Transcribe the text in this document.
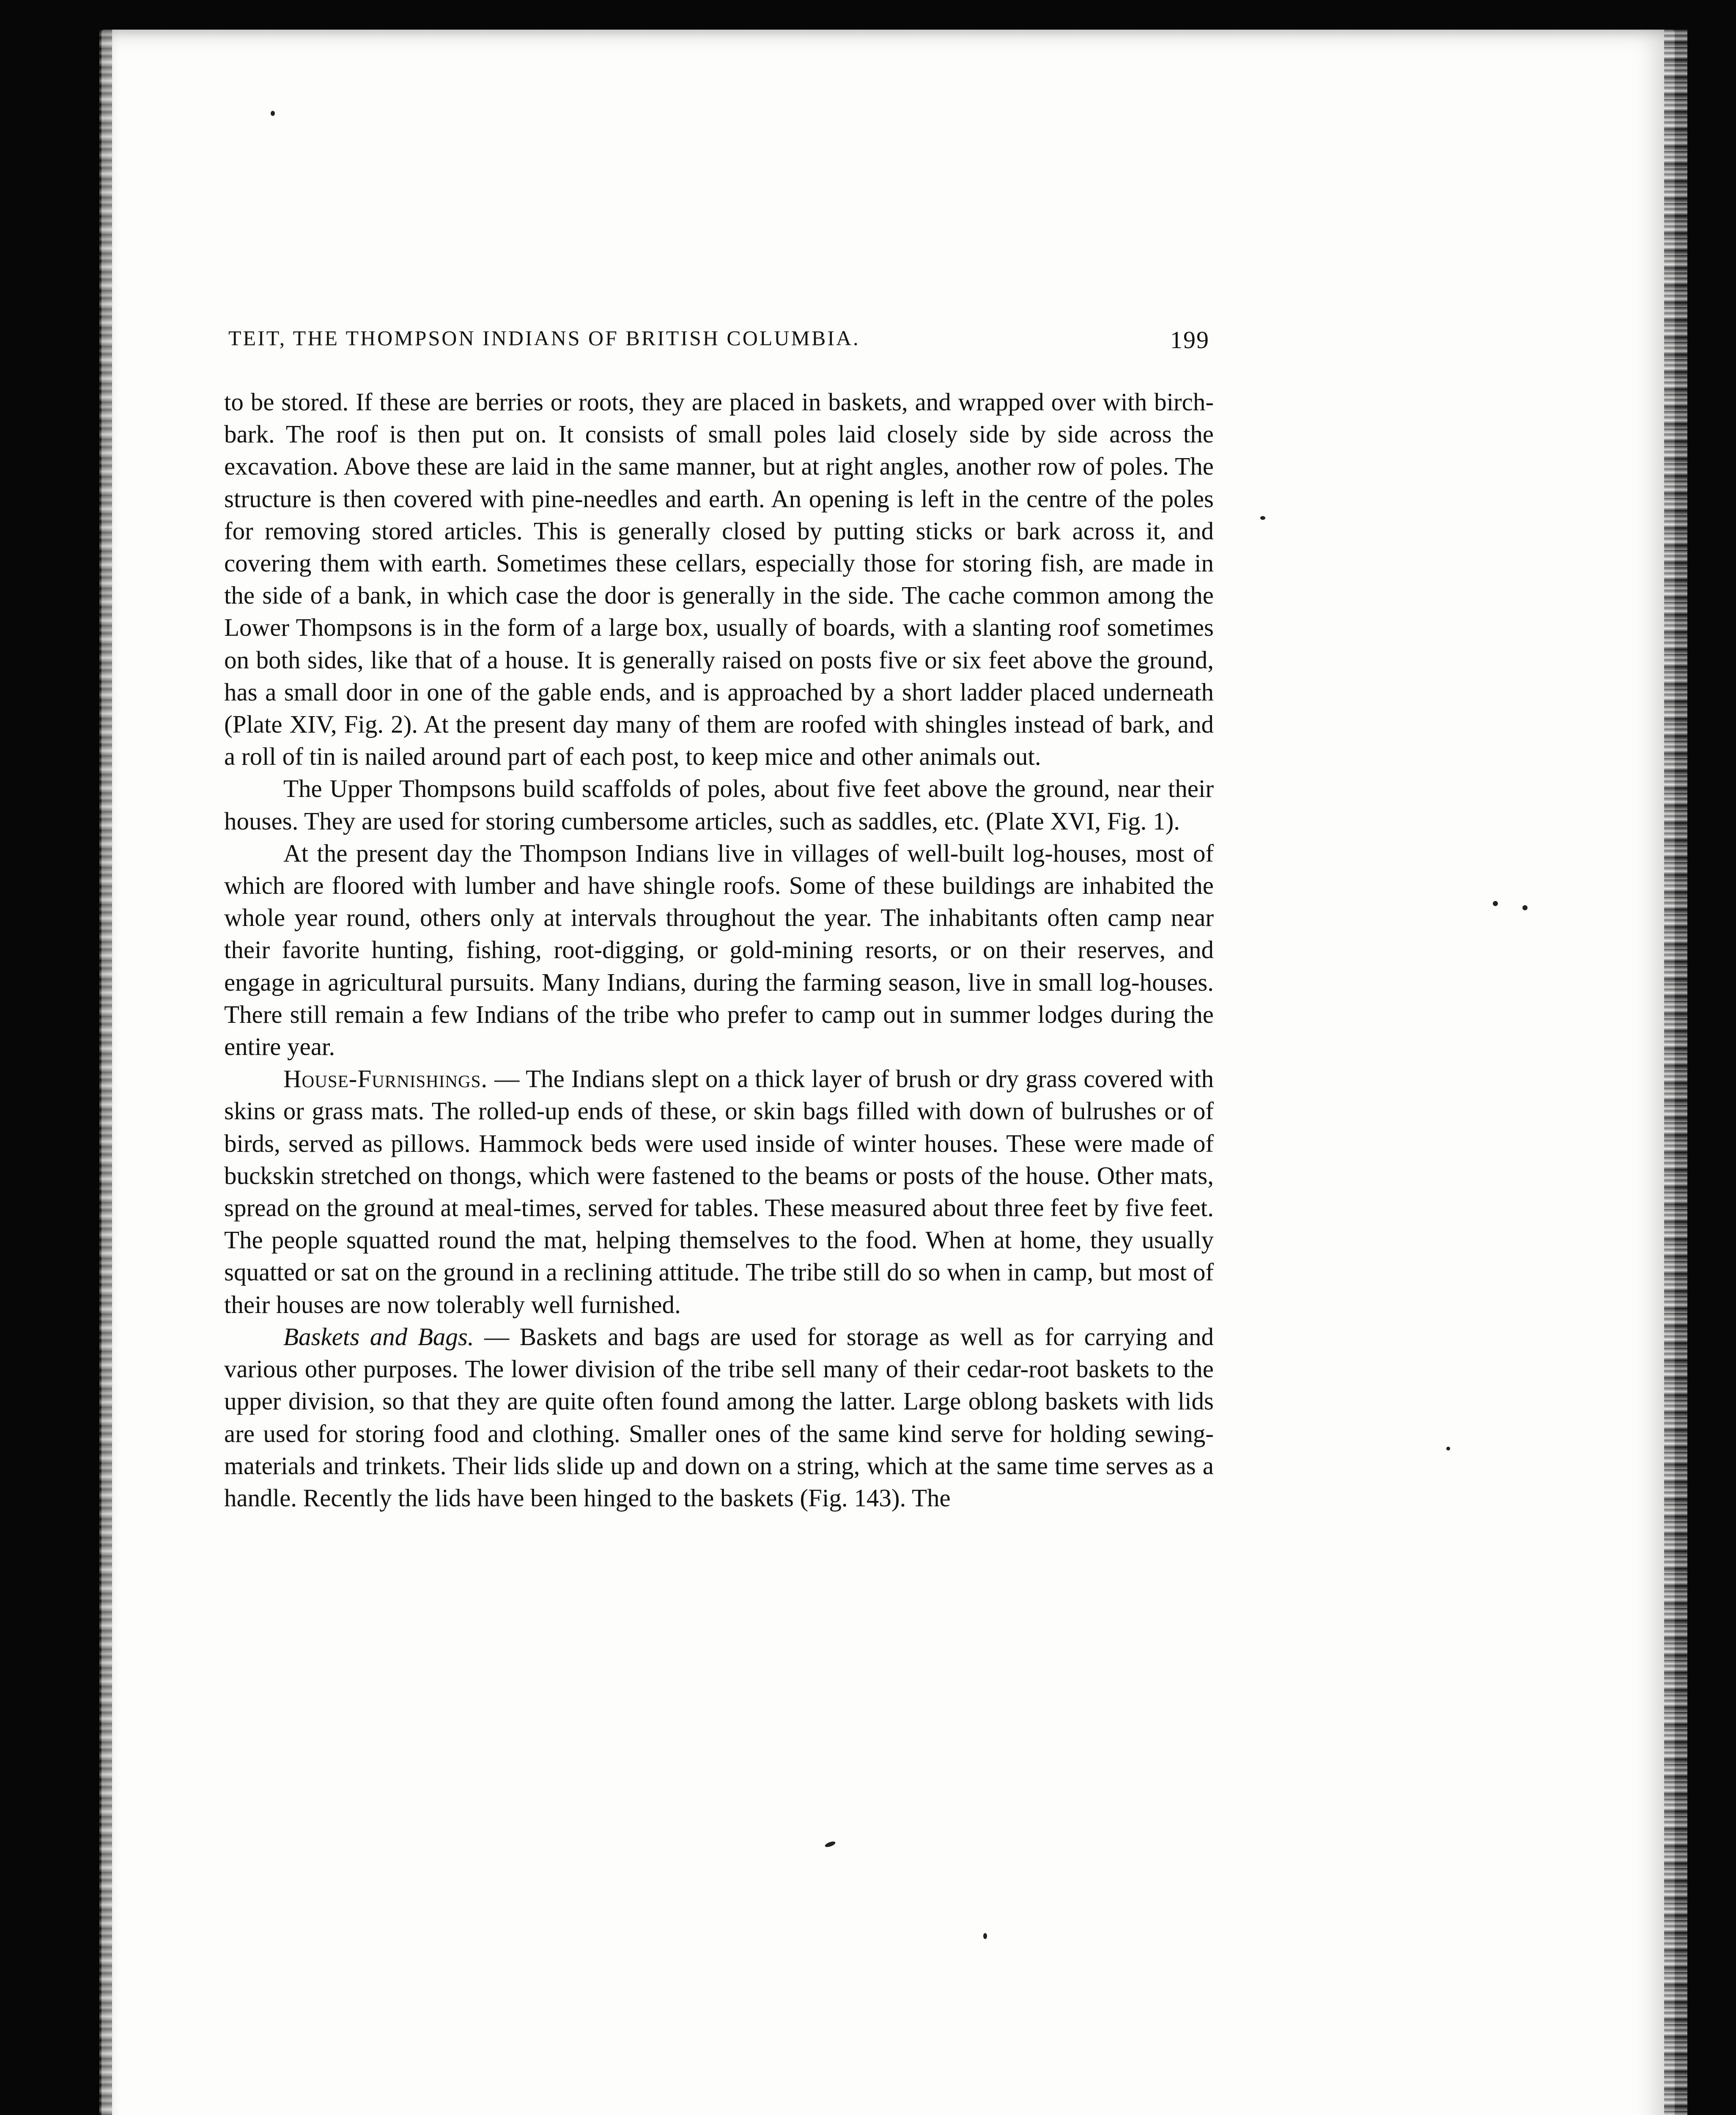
TEIT, THE THOMPSON INDIANS OF BRITISH COLUMBIA.	199

to be stored. If these are berries or roots, they are placed in baskets, and wrapped over with birch-bark. The roof is then put on. It consists of small poles laid closely side by side across the excavation. Above these are laid in the same manner, but at right angles, another row of poles. The structure is then covered with pine-needles and earth. An opening is left in the centre of the poles for removing stored articles. This is generally closed by putting sticks or bark across it, and covering them with earth. Sometimes these cellars, especially those for storing fish, are made in the side of a bank, in which case the door is generally in the side. The cache common among the Lower Thompsons is in the form of a large box, usually of boards, with a slanting roof sometimes on both sides, like that of a house. It is generally raised on posts five or six feet above the ground, has a small door in one of the gable ends, and is approached by a short ladder placed underneath (Plate XIV, Fig. 2). At the present day many of them are roofed with shingles instead of bark, and a roll of tin is nailed around part of each post, to keep mice and other animals out.

The Upper Thompsons build scaffolds of poles, about five feet above the ground, near their houses. They are used for storing cumbersome articles, such as saddles, etc. (Plate XVI, Fig. 1).

At the present day the Thompson Indians live in villages of well-built log-houses, most of which are floored with lumber and have shingle roofs. Some of these buildings are inhabited the whole year round, others only at intervals throughout the year. The inhabitants often camp near their favorite hunting, fishing, root-digging, or gold-mining resorts, or on their reserves, and engage in agricultural pursuits. Many Indians, during the farming season, live in small log-houses. There still remain a few Indians of the tribe who prefer to camp out in summer lodges during the entire year.

House-Furnishings. — The Indians slept on a thick layer of brush or dry grass covered with skins or grass mats. The rolled-up ends of these, or skin bags filled with down of bulrushes or of birds, served as pillows. Hammock beds were used inside of winter houses. These were made of buckskin stretched on thongs, which were fastened to the beams or posts of the house. Other mats, spread on the ground at meal-times, served for tables. These measured about three feet by five feet. The people squatted round the mat, helping themselves to the food. When at home, they usually squatted or sat on the ground in a reclining attitude. The tribe still do so when in camp, but most of their houses are now tolerably well furnished.

Baskets and Bags. — Baskets and bags are used for storage as well as for carrying and various other purposes. The lower division of the tribe sell many of their cedar-root baskets to the upper division, so that they are quite often found among the latter. Large oblong baskets with lids are used for storing food and clothing. Smaller ones of the same kind serve for holding sewing-materials and trinkets. Their lids slide up and down on a string, which at the same time serves as a handle. Recently the lids have been hinged to the baskets (Fig. 143). The
